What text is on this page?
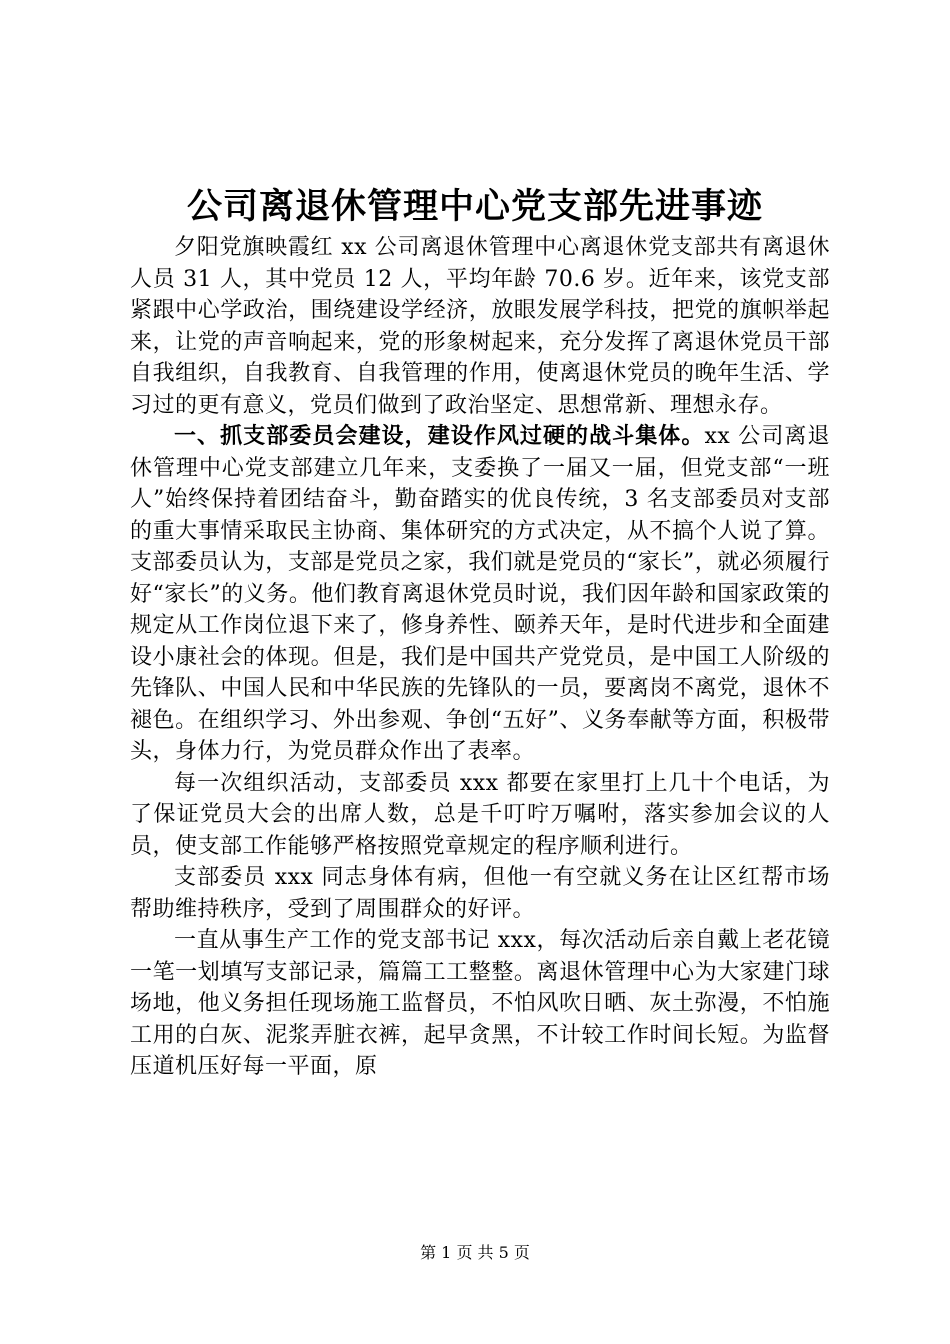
公司离退休管理中心党支部先进事迹

夕阳党旗映霞红 xx 公司离退休管理中心离退休党支部共有离退休人员 31 人，其中党员 12 人，平均年龄 70.6 岁。近年来，该党支部紧跟中心学政治，围绕建设学经济，放眼发展学科技，把党的旗帜举起来，让党的声音响起来，党的形象树起来，充分发挥了离退休党员干部自我组织，自我教育、自我管理的作用，使离退休党员的晚年生活、学习过的更有意义，党员们做到了政治坚定、思想常新、理想永存。

一、抓支部委员会建设，建设作风过硬的战斗集体。xx 公司离退休管理中心党支部建立几年来，支委换了一届又一届，但党支部“一班人”始终保持着团结奋斗，勤奋踏实的优良传统，3 名支部委员对支部的重大事情采取民主协商、集体研究的方式决定，从不搞个人说了算。支部委员认为，支部是党员之家，我们就是党员的“家长”，就必须履行好“家长”的义务。他们教育离退休党员时说，我们因年龄和国家政策的规定从工作岗位退下来了，修身养性、颐养天年，是时代进步和全面建设小康社会的体现。但是，我们是中国共产党党员，是中国工人阶级的先锋队、中国人民和中华民族的先锋队的一员，要离岗不离党，退休不褪色。在组织学习、外出参观、争创“五好”、义务奉献等方面，积极带头，身体力行，为党员群众作出了表率。

每一次组织活动，支部委员 xxx 都要在家里打上几十个电话，为了保证党员大会的出席人数，总是千叮咛万嘱咐，落实参加会议的人员，使支部工作能够严格按照党章规定的程序顺利进行。

支部委员 xxx 同志身体有病，但他一有空就义务在让区红帮市场帮助维持秩序，受到了周围群众的好评。

一直从事生产工作的党支部书记 xxx，每次活动后亲自戴上老花镜一笔一划填写支部记录，篇篇工工整整。离退休管理中心为大家建门球场地，他义务担任现场施工监督员，不怕风吹日晒、灰土弥漫，不怕施工用的白灰、泥浆弄脏衣裤，起早贪黑，不计较工作时间长短。为监督压道机压好每一平面，原

第 1 页 共 5 页
